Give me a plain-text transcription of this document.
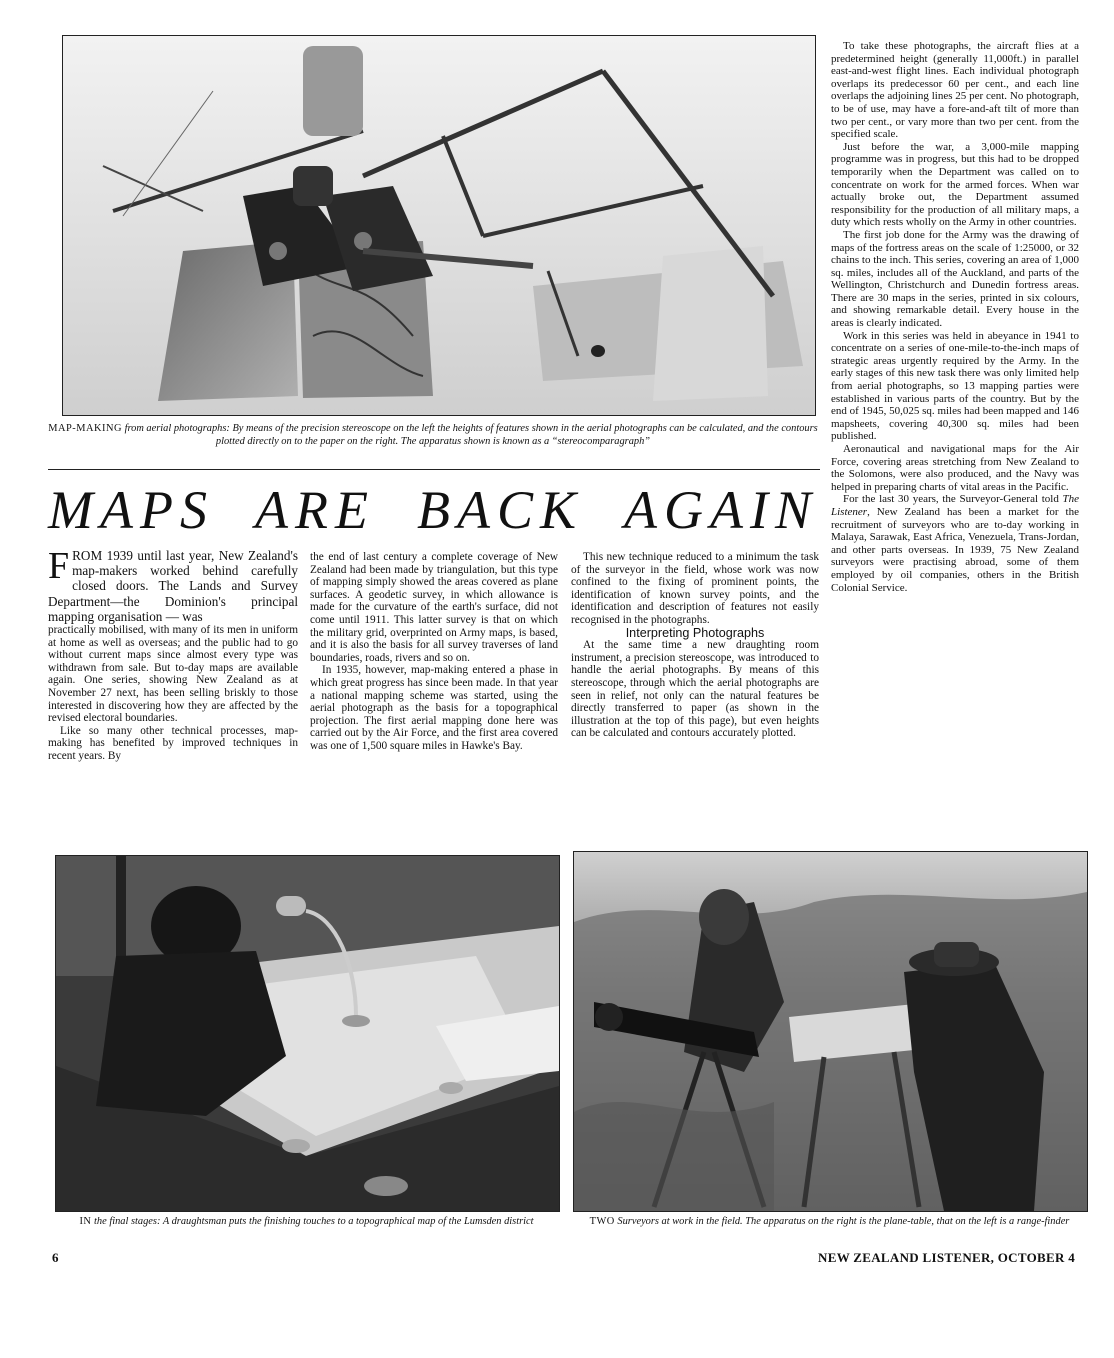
MAP-MAKING from aerial photographs: By means of the precision stereoscope on the left the heights of features shown in the aerial photographs can be calculated, and the contours plotted directly on to the paper on the right. The apparatus shown is known as a “stereocomparagraph”
MAPS ARE BACK AGAIN

F ROM 1939 until last year, New Zealand's map-makers worked behind carefully closed doors. The Lands and Survey Department—the Dominion's principal mapping organisation — was

practically mobilised, with many of its men in uniform at home as well as overseas; and the public had to go without current maps since almost every type was withdrawn from sale. But to-day maps are available again. One series, showing New Zealand as at November 27 next, has been selling briskly to those interested in discovering how they are affected by the revised electoral boundaries.

Like so many other technical processes, map-making has benefited by improved techniques in recent years. By

the end of last century a complete coverage of New Zealand had been made by triangulation, but this type of mapping simply showed the areas covered as plane surfaces. A geodetic survey, in which allowance is made for the curvature of the earth's surface, did not come until 1911. This latter survey is that on which the military grid, overprinted on Army maps, is based, and it is also the basis for all survey traverses of land boundaries, roads, rivers and so on.

In 1935, however, map-making entered a phase in which great progress has since been made. In that year a national mapping scheme was started, using the aerial photograph as the basis for a topographical projection. The first aerial mapping done here was carried out by the Air Force, and the first area covered was one of 1,500 square miles in Hawke's Bay.

This new technique reduced to a minimum the task of the surveyor in the field, whose work was now confined to the fixing of prominent points, the identification of known survey points, and the identification and description of features not easily recognised in the photographs.

Interpreting Photographs

At the same time a new draughting room instrument, a precision stereoscope, was introduced to handle the aerial photographs. By means of this stereoscope, through which the aerial photographs are seen in relief, not only can the natural features be directly transferred to paper (as shown in the illustration at the top of this page), but even heights can be calculated and contours accurately plotted.

To take these photographs, the aircraft flies at a predetermined height (generally 11,000ft.) in parallel east-and-west flight lines. Each individual photograph overlaps its predecessor 60 per cent., and each line overlaps the adjoining lines 25 per cent. No photograph, to be of use, may have a fore-and-aft tilt of more than two per cent., or vary more than two per cent. from the specified scale.

Just before the war, a 3,000-mile mapping programme was in progress, but this had to be dropped temporarily when the Department was called on to concentrate on work for the armed forces. When war actually broke out, the Department assumed responsibility for the production of all military maps, a duty which rests wholly on the Army in other countries.

The first job done for the Army was the drawing of maps of the fortress areas on the scale of 1:25000, or 32 chains to the inch. This series, covering an area of 1,000 sq. miles, includes all of the Auckland, and parts of the Wellington, Christchurch and Dunedin fortress areas. There are 30 maps in the series, printed in six colours, and showing remarkable detail. Every house in the areas is clearly indicated.

Work in this series was held in abeyance in 1941 to concentrate on a series of one-mile-to-the-inch maps of strategic areas urgently required by the Army. In the early stages of this new task there was only limited help from aerial photographs, so 13 mapping parties were established in various parts of the country. But by the end of 1945, 50,025 sq. miles had been mapped and 146 mapsheets, covering 40,300 sq. miles had been published.

Aeronautical and navigational maps for the Air Force, covering areas stretching from New Zealand to the Solomons, were also produced, and the Navy was helped in preparing charts of vital areas in the Pacific.

For the last 30 years, the Surveyor-General told The Listener, New Zealand has been a market for the recruitment of surveyors who are to-day working in Malaya, Sarawak, East Africa, Venezuela, Trans-Jordan, and other parts overseas. In 1939, 75 New Zealand surveyors were practising abroad, some of them employed by oil companies, others in the British Colonial Service.

IN the final stages: A draughtsman puts the finishing touches to a topographical map of the Lumsden district	TWO Surveyors at work in the field. The apparatus on the right is the plane-table, that on the left is a range-finder
6	NEW ZEALAND LISTENER, OCTOBER 4
